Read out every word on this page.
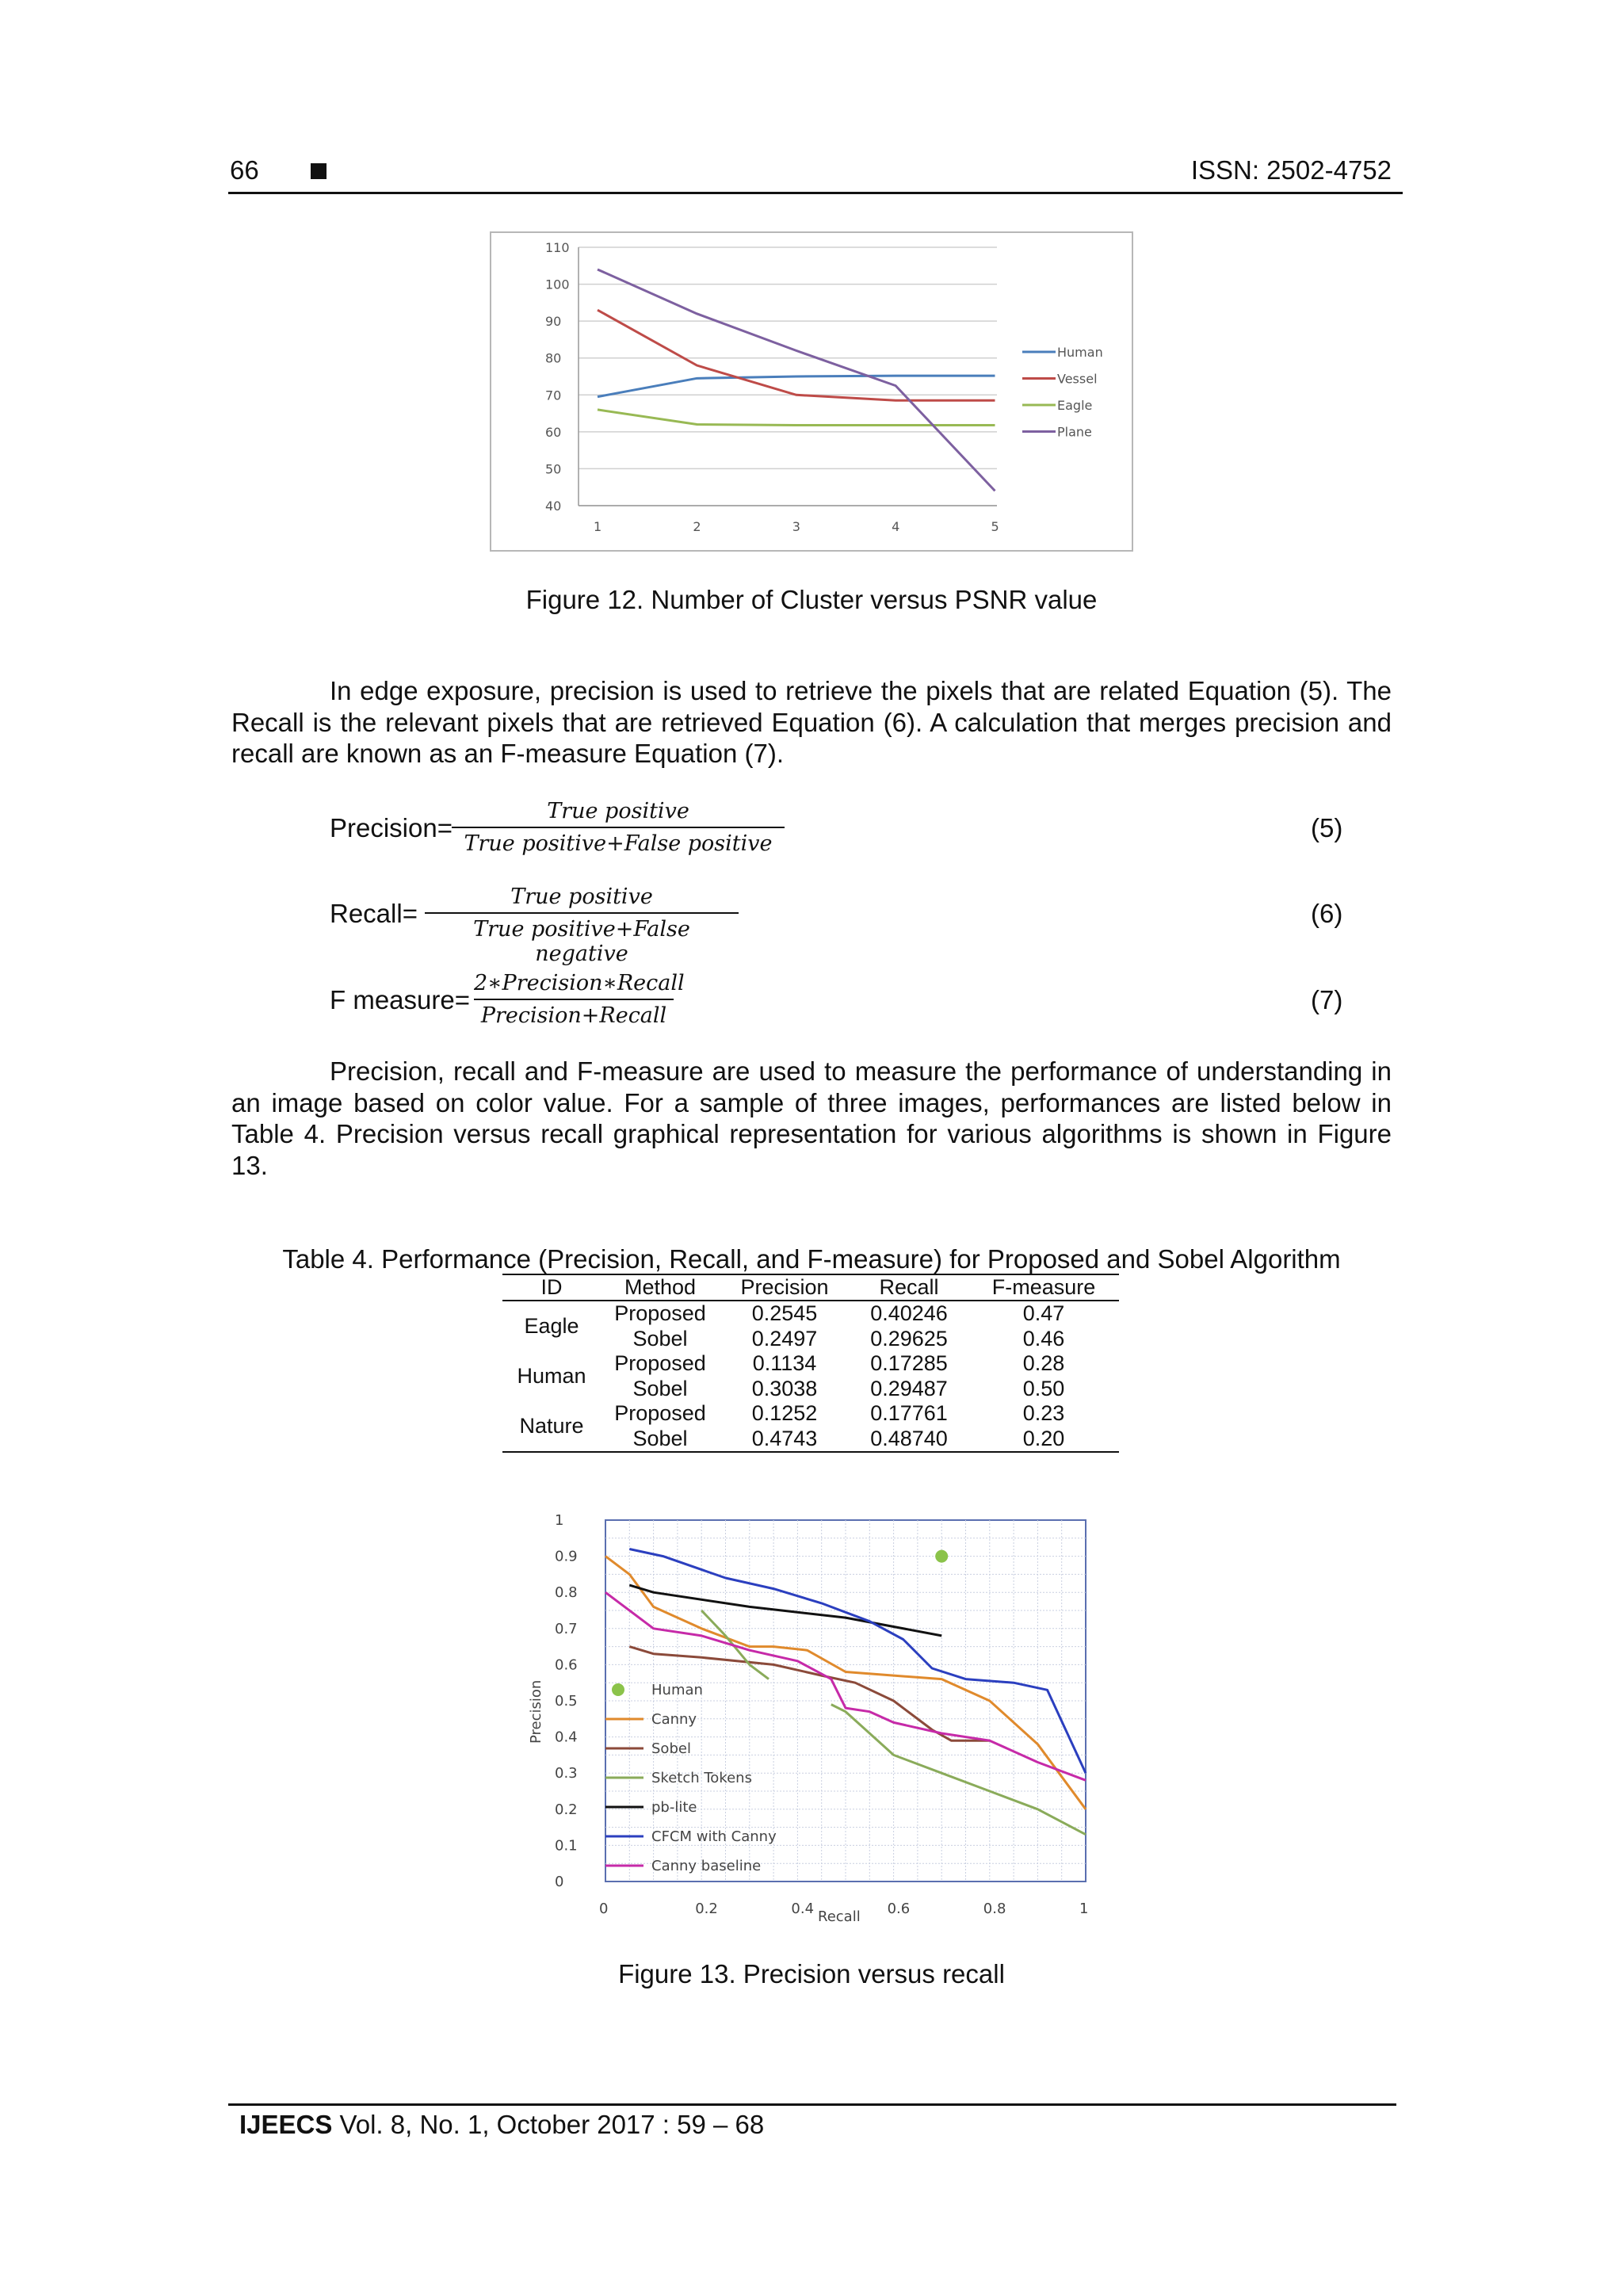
66	ISSN: 2502-4752
40
50
60
70
80
90
100
110
1	2	3	4	5
Human
Vessel
Eagle
Plane
Figure 12. Number of Cluster versus PSNR value
In edge exposure, precision is used to retrieve the pixels that are related Equation (5). The Recall is the relevant pixels that are retrieved Equation (6). A calculation that merges precision and recall are known as an F-measure Equation (7).
Precision=
True positive
True positive+False positive
(5)
Recall=
True positive
True positive+False negative
(6)
F measure=
2∗Precision∗Recall
Precision+Recall
(7)
Precision, recall and F-measure are used to measure the performance of understanding in an image based on color value. For a sample of three images, performances are listed below in Table 4. Precision versus recall graphical representation for various algorithms is shown in Figure 13.
Table 4. Performance (Precision, Recall, and F-measure) for Proposed and Sobel Algorithm
ID	Method	Precision	Recall	F-measure
Eagle	Proposed	0.2545	0.40246	0.47
	Sobel	0.2497	0.29625	0.46
Human	Proposed	0.1134	0.17285	0.28
	Sobel	0.3038	0.29487	0.50
Nature	Proposed	0.1252	0.17761	0.23
	Sobel	0.4743	0.48740	0.20
0
0.1
0.2
0.3
0.4
0.5
0.6
0.7
0.8
0.9
1
0	0.2	0.4	0.6	0.8	1
Recall
Precision	Human
Canny
Sobel
Sketch Tokens
pb-lite
CFCM with Canny
Canny baseline
Figure 13. Precision versus recall
IJEECS Vol. 8, No. 1, October 2017 : 59 – 68
